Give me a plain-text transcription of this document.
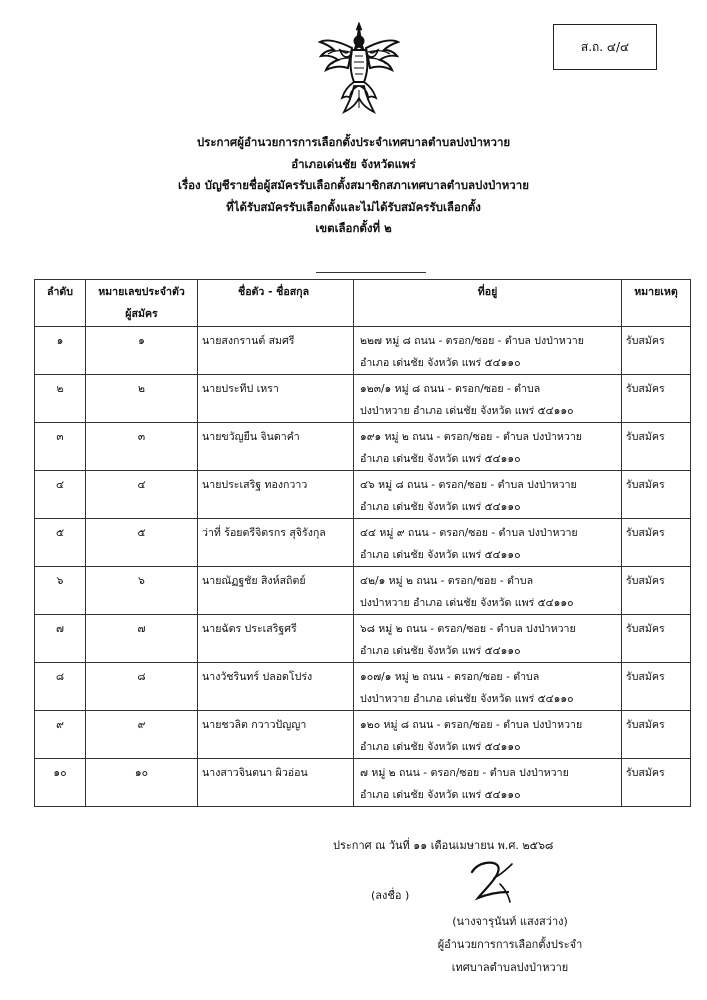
ส.ถ. ๔/๔
ประกาศผู้อำนวยการการเลือกตั้งประจำเทศบาลตำบลปงป่าหวาย
อำเภอเด่นชัย จังหวัดแพร่
เรื่อง บัญชีรายชื่อผู้สมัครรับเลือกตั้งสมาชิกสภาเทศบาลตำบลปงป่าหวาย
ที่ได้รับสมัครรับเลือกตั้งและไม่ได้รับสมัครรับเลือกตั้ง
เขตเลือกตั้งที่ ๒
ลำดับ	หมายเลขประจำตัว
ผู้สมัคร	ชื่อตัว - ชื่อสกุล	ที่อยู่	หมายเหตุ
๑	๑	นายสงกรานต์ สมศรี	๒๒๗ หมู่ ๘ ถนน - ตรอก/ซอย - ตำบล ปงป่าหวาย
อำเภอ เด่นชัย จังหวัด แพร่ ๕๔๑๑๐	รับสมัคร
๒	๒	นายประทีป เหรา	๑๒๓/๑ หมู่ ๘ ถนน - ตรอก/ซอย - ตำบล
ปงป่าหวาย อำเภอ เด่นชัย จังหวัด แพร่ ๕๔๑๑๐	รับสมัคร
๓	๓	นายขวัญยืน จินดาคำ	๑๙๑ หมู่ ๒ ถนน - ตรอก/ซอย - ตำบล ปงป่าหวาย
อำเภอ เด่นชัย จังหวัด แพร่ ๕๔๑๑๐	รับสมัคร
๔	๔	นายประเสริฐ ทองกวาว	๔๖ หมู่ ๘ ถนน - ตรอก/ซอย - ตำบล ปงป่าหวาย
อำเภอ เด่นชัย จังหวัด แพร่ ๕๔๑๑๐	รับสมัคร
๕	๕	ว่าที่ ร้อยตรีจิตรกร สุจิรังกุล	๔๔ หมู่ ๙ ถนน - ตรอก/ซอย - ตำบล ปงป่าหวาย
อำเภอ เด่นชัย จังหวัด แพร่ ๕๔๑๑๐	รับสมัคร
๖	๖	นายณัฏฐชัย สิงห์สถิตย์	๔๒/๑ หมู่ ๒ ถนน - ตรอก/ซอย - ตำบล
ปงป่าหวาย อำเภอ เด่นชัย จังหวัด แพร่ ๕๔๑๑๐	รับสมัคร
๗	๗	นายฉัตร ประเสริฐศรี	๖๘ หมู่ ๒ ถนน - ตรอก/ซอย - ตำบล ปงป่าหวาย
อำเภอ เด่นชัย จังหวัด แพร่ ๕๔๑๑๐	รับสมัคร
๘	๘	นางวัชรินทร์ ปลอดโปร่ง	๑๐๗/๑ หมู่ ๒ ถนน - ตรอก/ซอย - ตำบล
ปงป่าหวาย อำเภอ เด่นชัย จังหวัด แพร่ ๕๔๑๑๐	รับสมัคร
๙	๙	นายชวลิต กวาวปัญญา	๑๒๐ หมู่ ๘ ถนน - ตรอก/ซอย - ตำบล ปงป่าหวาย
อำเภอ เด่นชัย จังหวัด แพร่ ๕๔๑๑๐	รับสมัคร
๑๐	๑๐	นางสาวจินตนา ผิวอ่อน	๗ หมู่ ๒ ถนน - ตรอก/ซอย - ตำบล ปงป่าหวาย
อำเภอ เด่นชัย จังหวัด แพร่ ๕๔๑๑๐	รับสมัคร
ประกาศ ณ วันที่ ๑๑ เดือนเมษายน พ.ศ. ๒๕๖๘
(ลงชื่อ )
(นางจารุนันท์ แสงสว่าง)
ผู้อำนวยการการเลือกตั้งประจำ
เทศบาลตำบลปงป่าหวาย
